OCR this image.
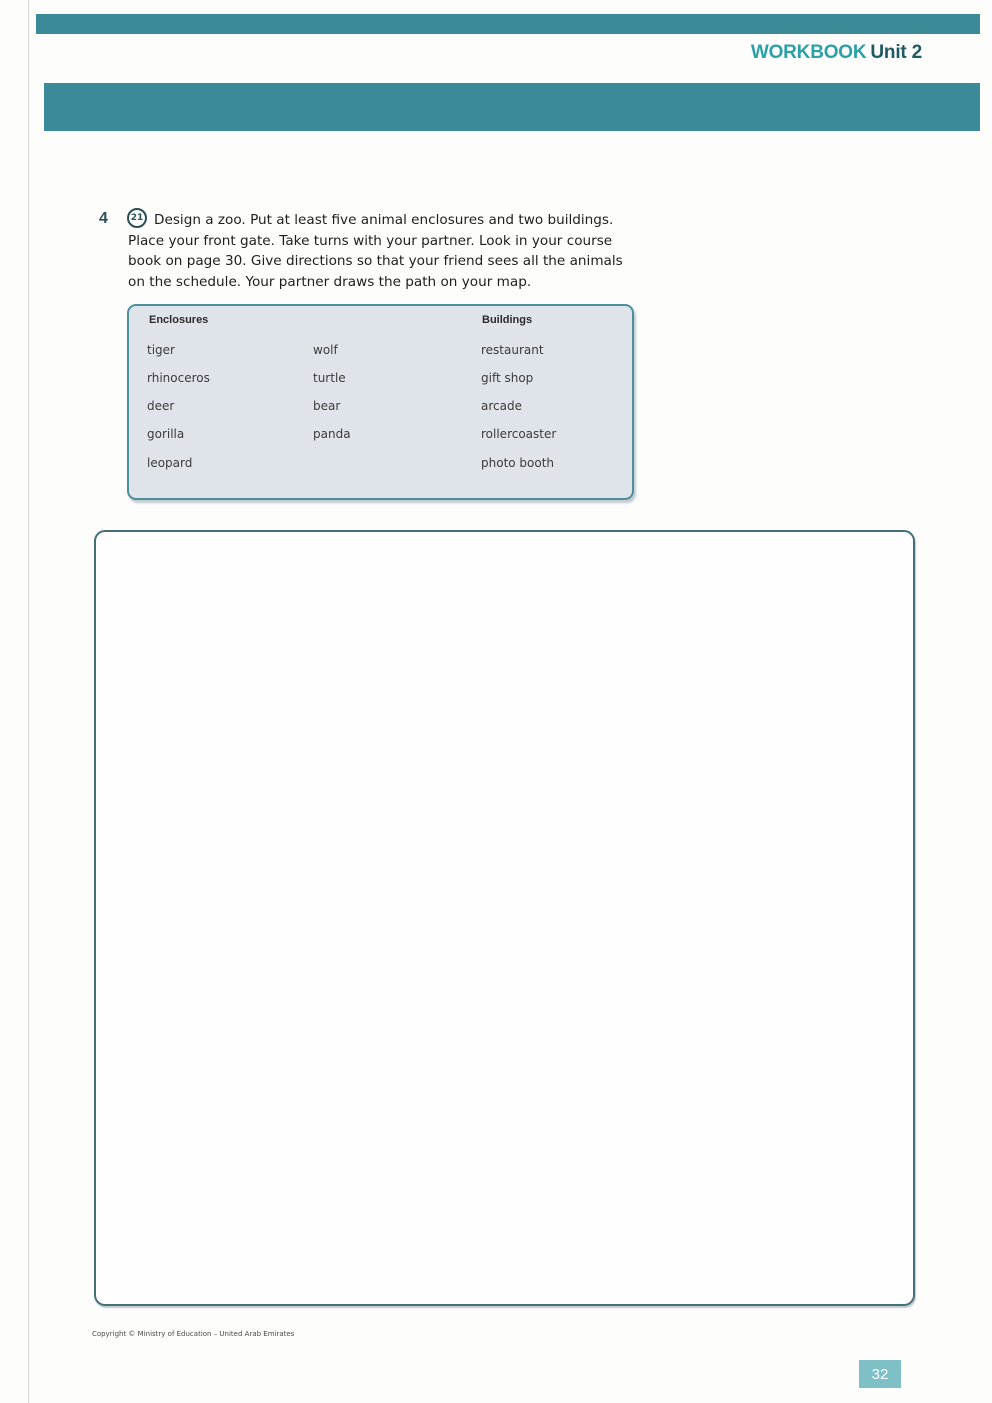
WORKBOOK Unit 2
4	21 Design a zoo. Put at least five animal enclosures and two buildings. Place your front gate. Take turns with your partner. Look in your course book on page 30. Give directions so that your friend sees all the animals on the schedule. Your partner draws the path on your map.
Enclosures
tiger
rhinoceros
deer
gorilla
leopard
wolf
turtle
bear
panda
Buildings
restaurant
gift shop
arcade
rollercoaster
photo booth
Copyright © Ministry of Education – United Arab Emirates
32
